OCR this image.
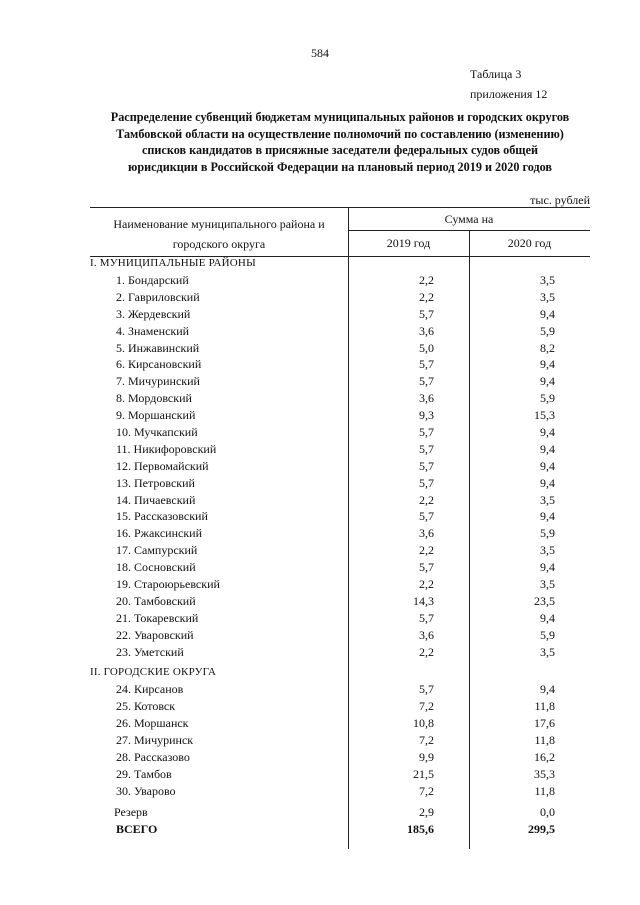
584
Таблица 3
приложения 12
Распределение субвенций бюджетам муниципальных районов и городских округов
Тамбовской области на осуществление полномочий по составлению (изменению)
списков кандидатов в присяжные заседатели федеральных судов общей
юрисдикции в Российской Федерации на плановый период 2019 и 2020 годов
тыс. рублей
Наименование муниципального района и
городского округа
Сумма на
2019 год	2020 год
I. МУНИЦИПАЛЬНЫЕ РАЙОНЫ
1. Бондарский	2,2	3,5
2. Гавриловский	2,2	3,5
3. Жердевский	5,7	9,4
4. Знаменский	3,6	5,9
5. Инжавинский	5,0	8,2
6. Кирсановский	5,7	9,4
7. Мичуринский	5,7	9,4
8. Мордовский	3,6	5,9
9. Моршанский	9,3	15,3
10. Мучкапский	5,7	9,4
11. Никифоровский	5,7	9,4
12. Первомайский	5,7	9,4
13. Петровский	5,7	9,4
14. Пичаевский	2,2	3,5
15. Рассказовский	5,7	9,4
16. Ржаксинский	3,6	5,9
17. Сампурский	2,2	3,5
18. Сосновский	5,7	9,4
19. Староюрьевский	2,2	3,5
20. Тамбовский	14,3	23,5
21. Токаревский	5,7	9,4
22. Уваровский	3,6	5,9
23. Уметский	2,2	3,5
II. ГОРОДСКИЕ ОКРУГА
24. Кирсанов	5,7	9,4
25. Котовск	7,2	11,8
26. Моршанск	10,8	17,6
27. Мичуринск	7,2	11,8
28. Рассказово	9,9	16,2
29. Тамбов	21,5	35,3
30. Уварово	7,2	11,8
Резерв	2,9	0,0
ВСЕГО	185,6	299,5
